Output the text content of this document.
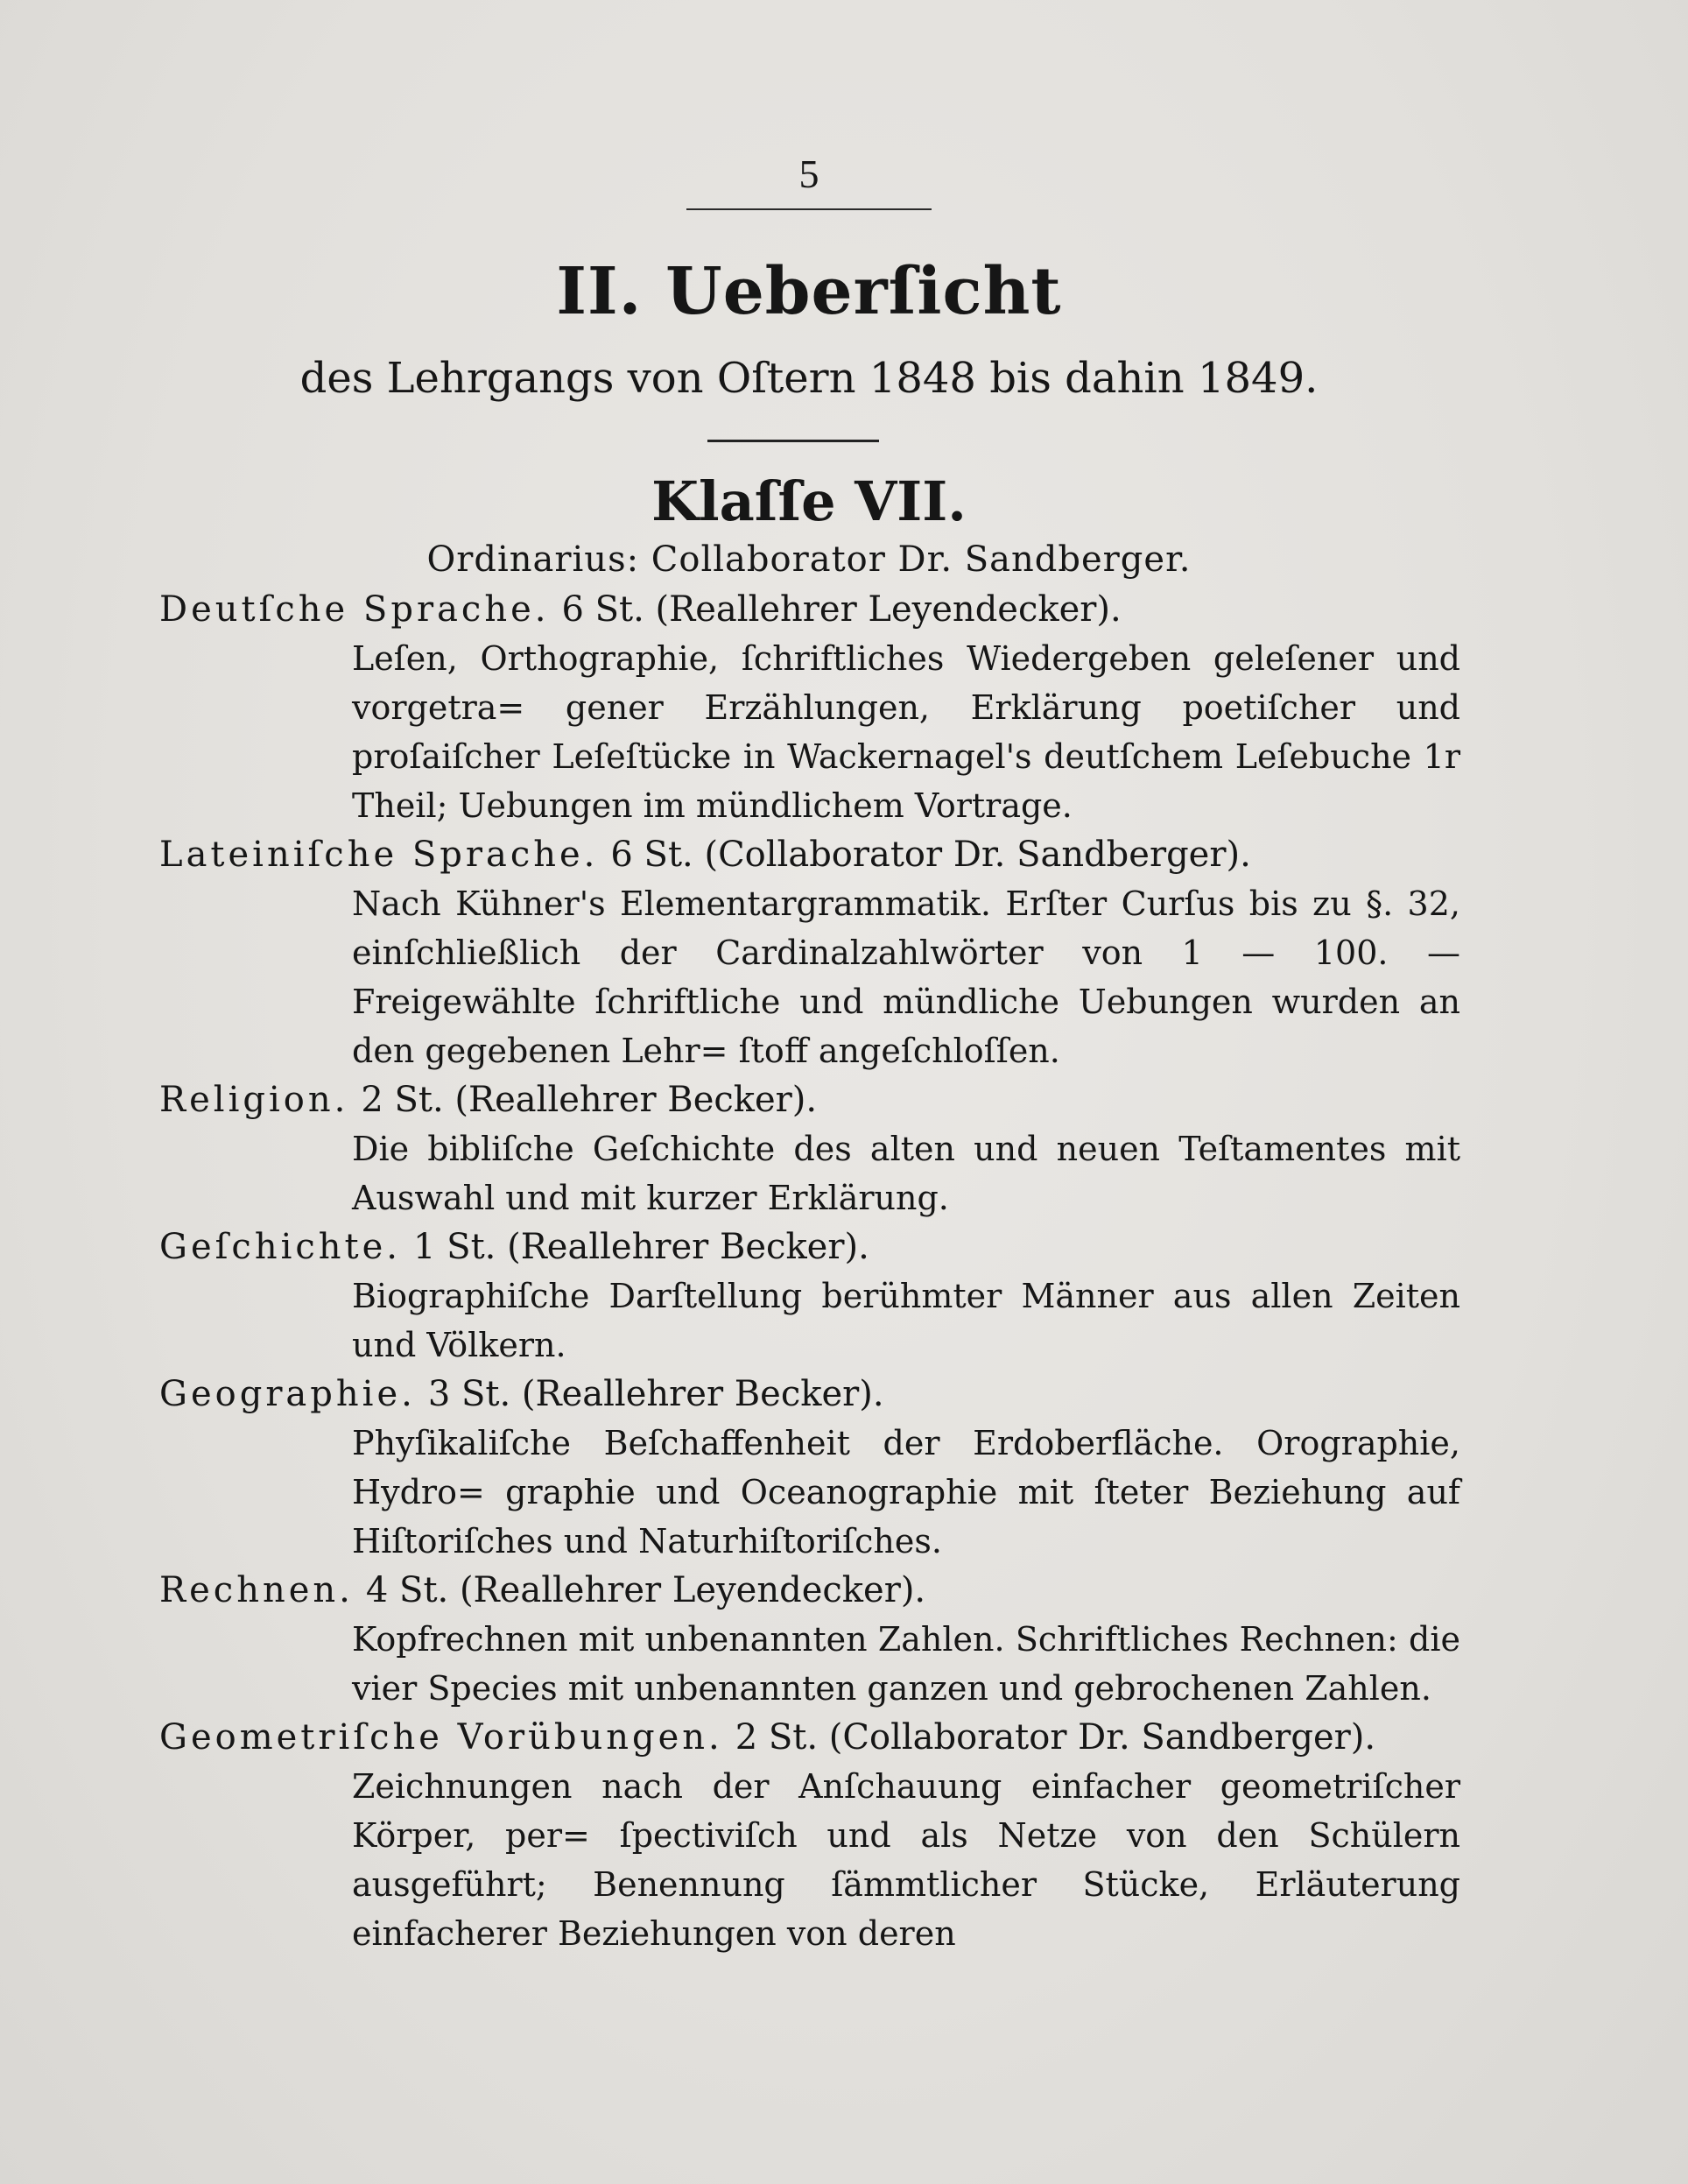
5
II. Ueberſicht
des Lehrgangs von Oſtern 1848 bis dahin 1849.
Klaſſe VII.
Ordinarius: Collaborator Dr. Sandberger.
Deutſche Sprache. 6 St. (Reallehrer Leyendecker).
Leſen, Orthographie, ſchriftliches Wiedergeben geleſener und vorgetra= gener Erzählungen, Erklärung poetiſcher und proſaiſcher Leſeſtücke in Wackernagel's deutſchem Leſebuche 1r Theil; Uebungen im mündlichem Vortrage.
Lateiniſche Sprache. 6 St. (Collaborator Dr. Sandberger).
Nach Kühner's Elementargrammatik. Erſter Curſus bis zu §. 32, einſchließlich der Cardinalzahlwörter von 1 — 100. — Freigewählte ſchriftliche und mündliche Uebungen wurden an den gegebenen Lehr= ſtoff angeſchloſſen.
Religion. 2 St. (Reallehrer Becker).
Die bibliſche Geſchichte des alten und neuen Teſtamentes mit Auswahl und mit kurzer Erklärung.
Geſchichte. 1 St. (Reallehrer Becker).
Biographiſche Darſtellung berühmter Männer aus allen Zeiten und Völkern.
Geographie. 3 St. (Reallehrer Becker).
Phyſikaliſche Beſchaffenheit der Erdoberfläche. Orographie, Hydro= graphie und Oceanographie mit ſteter Beziehung auf Hiſtoriſches und Naturhiſtoriſches.
Rechnen. 4 St. (Reallehrer Leyendecker).
Kopfrechnen mit unbenannten Zahlen. Schriftliches Rechnen: die vier Species mit unbenannten ganzen und gebrochenen Zahlen.
Geometriſche Vorübungen. 2 St. (Collaborator Dr. Sandberger).
Zeichnungen nach der Anſchauung einfacher geometriſcher Körper, per= ſpectiviſch und als Netze von den Schülern ausgeführt; Benennung ſämmtlicher Stücke, Erläuterung einfacherer Beziehungen von deren
